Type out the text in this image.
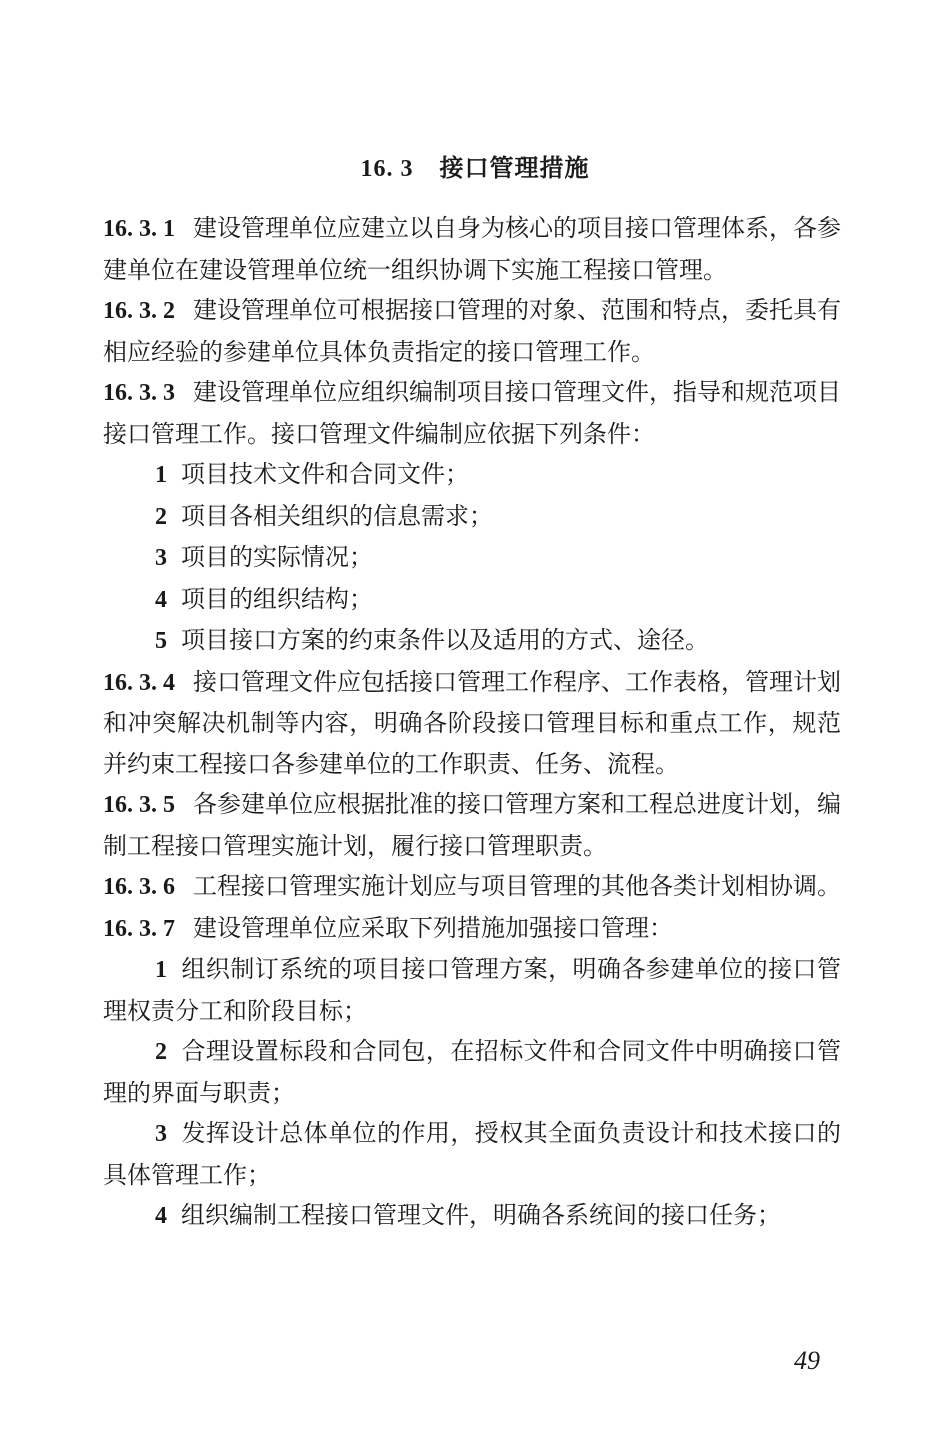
16. 3 接口管理措施

16. 3. 1 建设管理单位应建立以自身为核心的项目接口管理体系，各参建单位在建设管理单位统一组织协调下实施工程接口管理。

16. 3. 2 建设管理单位可根据接口管理的对象、范围和特点，委托具有相应经验的参建单位具体负责指定的接口管理工作。

16. 3. 3 建设管理单位应组织编制项目接口管理文件，指导和规范项目接口管理工作。接口管理文件编制应依据下列条件：

1 项目技术文件和合同文件；

2 项目各相关组织的信息需求；

3 项目的实际情况；

4 项目的组织结构；

5 项目接口方案的约束条件以及适用的方式、途径。

16. 3. 4 接口管理文件应包括接口管理工作程序、工作表格，管理计划和冲突解决机制等内容，明确各阶段接口管理目标和重点工作，规范并约束工程接口各参建单位的工作职责、任务、流程。

16. 3. 5 各参建单位应根据批准的接口管理方案和工程总进度计划，编制工程接口管理实施计划，履行接口管理职责。

16. 3. 6 工程接口管理实施计划应与项目管理的其他各类计划相协调。

16. 3. 7 建设管理单位应采取下列措施加强接口管理：

1 组织制订系统的项目接口管理方案，明确各参建单位的接口管理权责分工和阶段目标；

2 合理设置标段和合同包，在招标文件和合同文件中明确接口管理的界面与职责；

3 发挥设计总体单位的作用，授权其全面负责设计和技术接口的具体管理工作；

4 组织编制工程接口管理文件，明确各系统间的接口任务；

49
